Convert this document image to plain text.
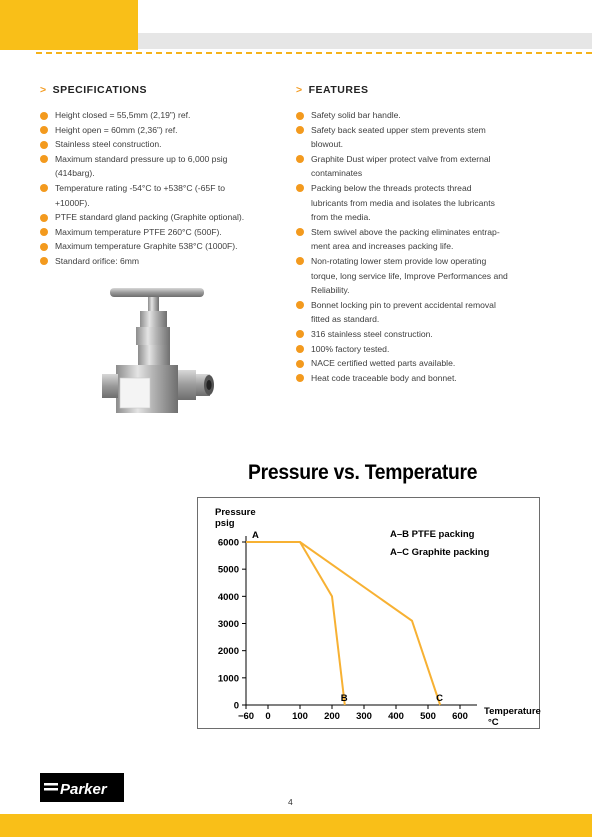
> SPECIFICATIONS
Height closed = 55,5mm (2,19”) ref.
Height open = 60mm (2,36”) ref.
Stainless steel construction.
Maximum standard pressure up to 6,000 psig
(414barg).
Temperature rating -54°C to +538°C (-65F to
+1000F).
PTFE standard gland packing (Graphite optional).
Maximum temperature PTFE 260°C (500F).
Maximum temperature Graphite 538°C (1000F).
Standard orifice: 6mm
> FEATURES
Safety solid bar handle.
Safety back seated upper stem prevents stem
blowout.
Graphite Dust wiper protect valve from external
contaminates
Packing below the threads protects thread
lubricants from media and isolates the lubricants
from the media.
Stem swivel above the packing eliminates entrap-
ment area and increases packing life.
Non-rotating lower stem provide low operating
torque, long service life, Improve Performances and
Reliability.
Bonnet locking pin to prevent accidental removal
fitted as standard.
316 stainless steel construction.
100% factory tested.
NACE certified wetted parts available.
Heat code traceable body and bonnet.
Pressure vs. Temperature
0
1000
2000
3000
4000
5000
6000
−60 0 100 200 300 400 500 600
Pressure
psig
Temperature
°C
A
B	C
A–B PTFE packing
A–C Graphite packing
Parker
4
